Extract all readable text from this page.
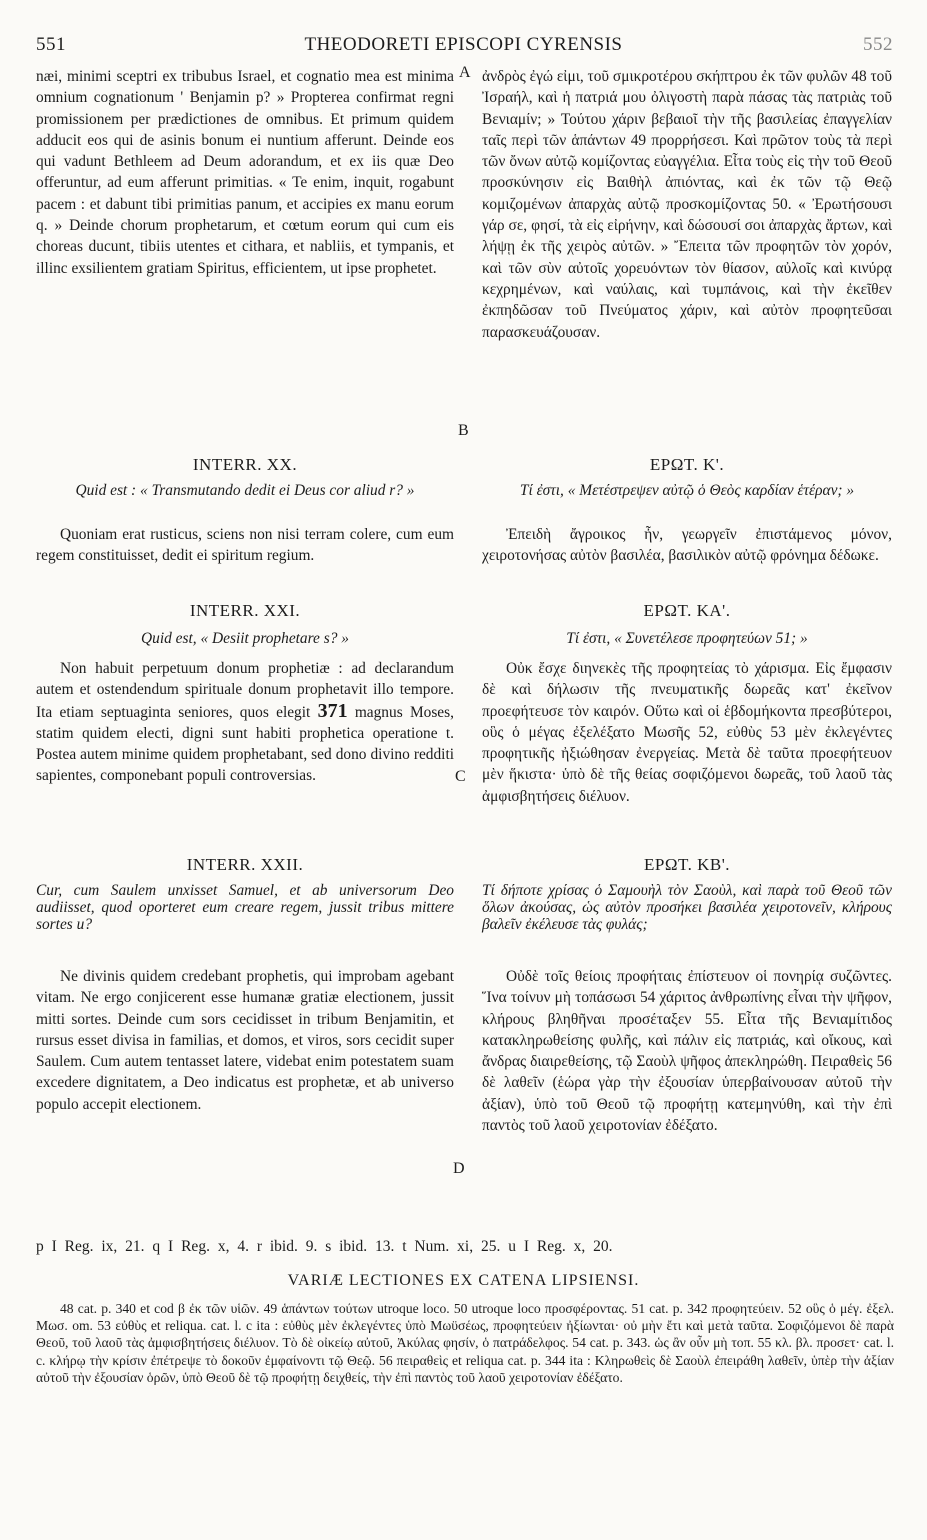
551	THEODORETI EPISCOPI CYRENSIS	552
A
B
C
D

næi, minimi sceptri ex tribubus Israel, et cognatio mea est minima omnium cognationum ' Benjamin p? » Propterea confirmat regni promissionem per prædictiones de omnibus. Et primum quidem adducit eos qui de asinis bonum ei nuntium afferunt. Deinde eos qui vadunt Bethleem ad Deum adorandum, et ex iis quæ Deo offeruntur, ad eum afferunt primitias. « Te enim, inquit, rogabunt pacem : et dabunt tibi primitias panum, et accipies ex manu eorum q. » Deinde chorum prophetarum, et cœtum eorum qui cum eis choreas ducunt, tibiis utentes et cithara, et nabliis, et tympanis, et illinc exsilientem gratiam Spiritus, efficientem, ut ipse prophetet.

INTERR. XX.
Quid est : « Transmutando dedit ei Deus cor aliud r? »

Quoniam erat rusticus, sciens non nisi terram colere, cum eum regem constituisset, dedit ei spiritum regium.

INTERR. XXI.
Quid est, « Desiit prophetare s? »

Non habuit perpetuum donum prophetiæ : ad declarandum autem et ostendendum spirituale donum prophetavit illo tempore. Ita etiam septuaginta seniores, quos elegit 371 magnus Moses, statim quidem electi, digni sunt habiti prophetica operatione t. Postea autem minime quidem prophetabant, sed dono divino redditi sapientes, componebant populi controversias.

INTERR. XXII.
Cur, cum Saulem unxisset Samuel, et ab universorum Deo audiisset, quod oporteret eum creare regem, jussit tribus mittere sortes u?

Ne divinis quidem credebant prophetis, qui improbam agebant vitam. Ne ergo conjicerent esse humanæ gratiæ electionem, jussit mitti sortes. Deinde cum sors cecidisset in tribum Benjamitin, et rursus esset divisa in familias, et domos, et viros, sors cecidit super Saulem. Cum autem tentasset latere, videbat enim potestatem suam excedere dignitatem, a Deo indicatus est prophetæ, et ab universo populo accepit electionem.

ἀνδρὸς ἐγώ εἰμι, τοῦ σμικροτέρου σκήπτρου ἐκ τῶν φυλῶν 48 τοῦ Ἰσραήλ, καὶ ἡ πατριά μου ὀλιγοστὴ παρὰ πάσας τὰς πατριὰς τοῦ Βενιαμίν; » Τούτου χάριν βεβαιοῖ τὴν τῆς βασιλείας ἐπαγγελίαν ταῖς περὶ τῶν ἁπάντων 49 προρρήσεσι. Καὶ πρῶτον τοὺς τὰ περὶ τῶν ὄνων αὐτῷ κομίζοντας εὐαγγέλια. Εἶτα τοὺς εἰς τὴν τοῦ Θεοῦ προσκύνησιν εἰς Βαιθὴλ ἀπιόντας, καὶ ἐκ τῶν τῷ Θεῷ κομιζομένων ἀπαρχὰς αὐτῷ προσκομίζοντας 50. « Ἐρωτήσουσι γάρ σε, φησί, τὰ εἰς εἰρήνην, καὶ δώσουσί σοι ἀπαρχὰς ἄρτων, καὶ λήψῃ ἐκ τῆς χειρὸς αὐτῶν. » Ἔπειτα τῶν προφητῶν τὸν χορόν, καὶ τῶν σὺν αὐτοῖς χορευόντων τὸν θίασον, αὐλοῖς καὶ κινύρᾳ κεχρημένων, καὶ ναύλαις, καὶ τυμπάνοις, καὶ τὴν ἐκεῖθεν ἐκπηδῶσαν τοῦ Πνεύματος χάριν, καὶ αὐτὸν προφητεῦσαι παρασκευάζουσαν.

ΕΡΩΤ. Κ'.
Τί ἐστι, « Μετέστρεψεν αὐτῷ ὁ Θεὸς καρδίαν ἑτέραν; »

Ἐπειδὴ ἄγροικος ἦν, γεωργεῖν ἐπιστάμενος μόνον, χειροτονήσας αὐτὸν βασιλέα, βασιλικὸν αὐτῷ φρόνημα δέδωκε.

ΕΡΩΤ. ΚΑ'.
Τί ἐστι, « Συνετέλεσε προφητεύων 51; »

Οὐκ ἔσχε διηνεκὲς τῆς προφητείας τὸ χάρισμα. Εἰς ἔμφασιν δὲ καὶ δήλωσιν τῆς πνευματικῆς δωρεᾶς κατ' ἐκεῖνον προεφήτευσε τὸν καιρόν. Οὕτω καὶ οἱ ἑβδομήκοντα πρεσβύτεροι, οὓς ὁ μέγας ἐξελέξατο Μωσῆς 52, εὐθὺς 53 μὲν ἐκλεγέντες προφητικῆς ἠξιώθησαν ἐνεργείας. Μετὰ δὲ ταῦτα προεφήτευον μὲν ἥκιστα· ὑπὸ δὲ τῆς θείας σοφιζόμενοι δωρεᾶς, τοῦ λαοῦ τὰς ἀμφισβητήσεις διέλυον.

ΕΡΩΤ. ΚΒ'.
Τί δήποτε χρίσας ὁ Σαμουὴλ τὸν Σαοὺλ, καὶ παρὰ τοῦ Θεοῦ τῶν ὅλων ἀκούσας, ὡς αὐτὸν προσήκει βασιλέα χειροτονεῖν, κλήρους βαλεῖν ἐκέλευσε τὰς φυλάς;

Οὐδὲ τοῖς θείοις προφήταις ἐπίστευον οἱ πονηρίᾳ συζῶντες. Ἵνα τοίνυν μὴ τοπάσωσι 54 χάριτος ἀνθρωπίνης εἶναι τὴν ψῆφον, κλήρους βληθῆναι προσέταξεν 55. Εἶτα τῆς Βενιαμίτιδος κατακληρωθείσης φυλῆς, καὶ πάλιν εἰς πατριάς, καὶ οἴκους, καὶ ἄνδρας διαιρεθείσης, τῷ Σαοὺλ ψῆφος ἀπεκληρώθη. Πειραθεὶς 56 δὲ λαθεῖν (ἑώρα γὰρ τὴν ἐξουσίαν ὑπερβαίνουσαν αὐτοῦ τὴν ἀξίαν), ὑπὸ τοῦ Θεοῦ τῷ προφήτῃ κατεμηνύθη, καὶ τὴν ἐπὶ παντὸς τοῦ λαοῦ χειροτονίαν ἐδέξατο.

p I Reg. ix, 21. q I Reg. x, 4. r ibid. 9. s ibid. 13. t Num. xi, 25. u I Reg. x, 20.
VARIÆ LECTIONES EX CATENA LIPSIENSI.

48 cat. p. 340 et cod β ἐκ τῶν υἱῶν. 49 ἁπάντων τούτων utroque loco. 50 utroque loco προσφέροντας. 51 cat. p. 342 προφητεύειν. 52 οὓς ὁ μέγ. ἐξελ. Μωσ. om. 53 εὐθὺς et reliqua. cat. l. c ita : εὐθὺς μὲν ἐκλεγέντες ὑπὸ Μωϋσέως, προφητεύειν ἠξίωνται· οὐ μὴν ἔτι καὶ μετὰ ταῦτα. Σοφιζόμενοι δὲ παρὰ Θεοῦ, τοῦ λαοῦ τὰς ἀμφισβητήσεις διέλυον. Τὸ δὲ οἰκείῳ αὐτοῦ, Ἀκύλας φησίν, ὁ πατράδελφος. 54 cat. p. 343. ὡς ἂν οὖν μὴ τοπ. 55 κλ. βλ. προσετ· cat. l. c. κλήρῳ τὴν κρίσιν ἐπέτρεψε τὸ δοκοῦν ἐμφαίνοντι τῷ Θεῷ. 56 πειραθεὶς et reliqua cat. p. 344 ita : Κληρωθεὶς δὲ Σαοὺλ ἐπειράθη λαθεῖν, ὑπὲρ τὴν ἀξίαν αὐτοῦ τὴν ἐξουσίαν ὁρῶν, ὑπὸ Θεοῦ δὲ τῷ προφήτῃ δειχθείς, τὴν ἐπὶ παντὸς τοῦ λαοῦ χειροτονίαν ἐδέξατο.
